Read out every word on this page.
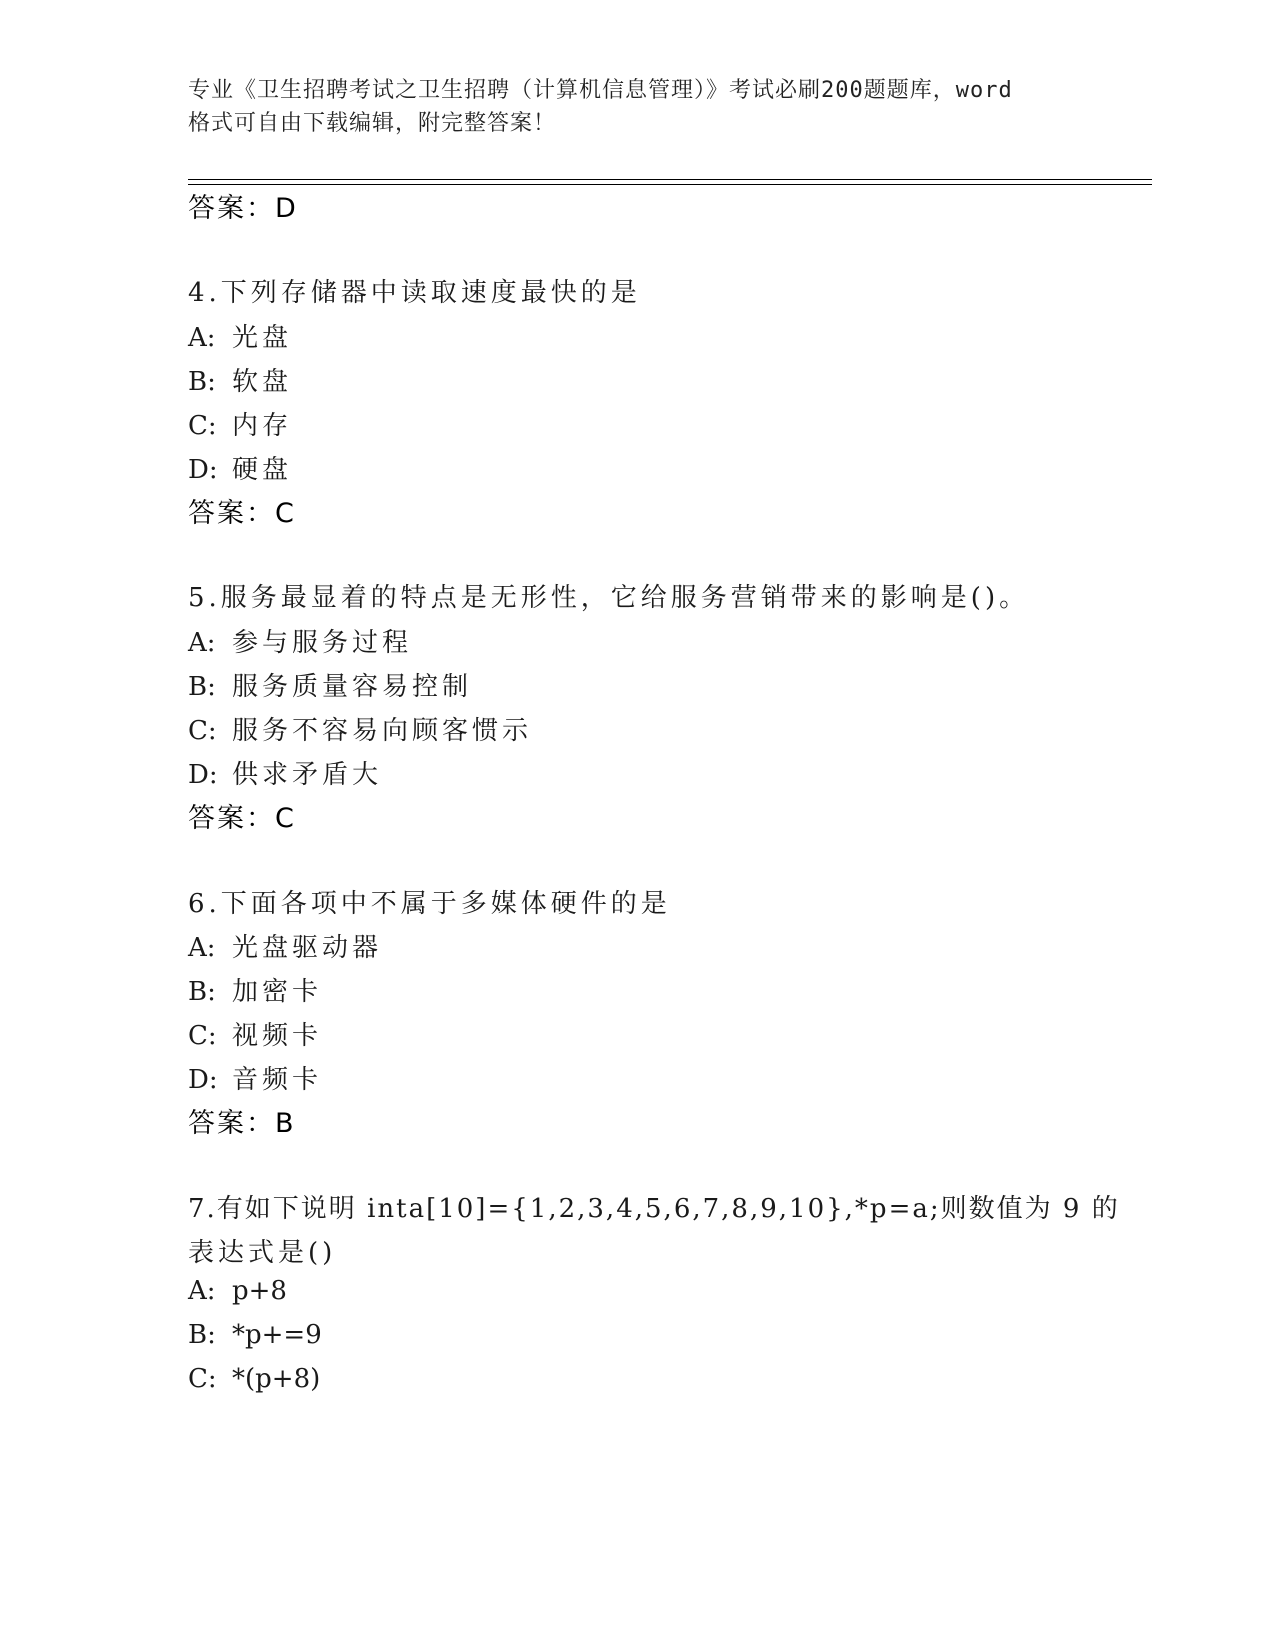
专业《卫生招聘考试之卫生招聘（计算机信息管理）》考试必刷200题题库，word
格式可自由下载编辑，附完整答案！
答案：D
4.下列存储器中读取速度最快的是
A: 光盘
B: 软盘
C: 内存
D: 硬盘
答案：C
5.服务最显着的特点是无形性，它给服务营销带来的影响是()。
A: 参与服务过程
B: 服务质量容易控制
C: 服务不容易向顾客惯示
D: 供求矛盾大
答案：C
6.下面各项中不属于多媒体硬件的是
A: 光盘驱动器
B: 加密卡
C: 视频卡
D: 音频卡
答案：B
7.有如下说明 inta[10]={1,2,3,4,5,6,7,8,9,10},*p=a;则数值为 9 的
表达式是()
A: p+8
B: *p+=9
C: *(p+8)
